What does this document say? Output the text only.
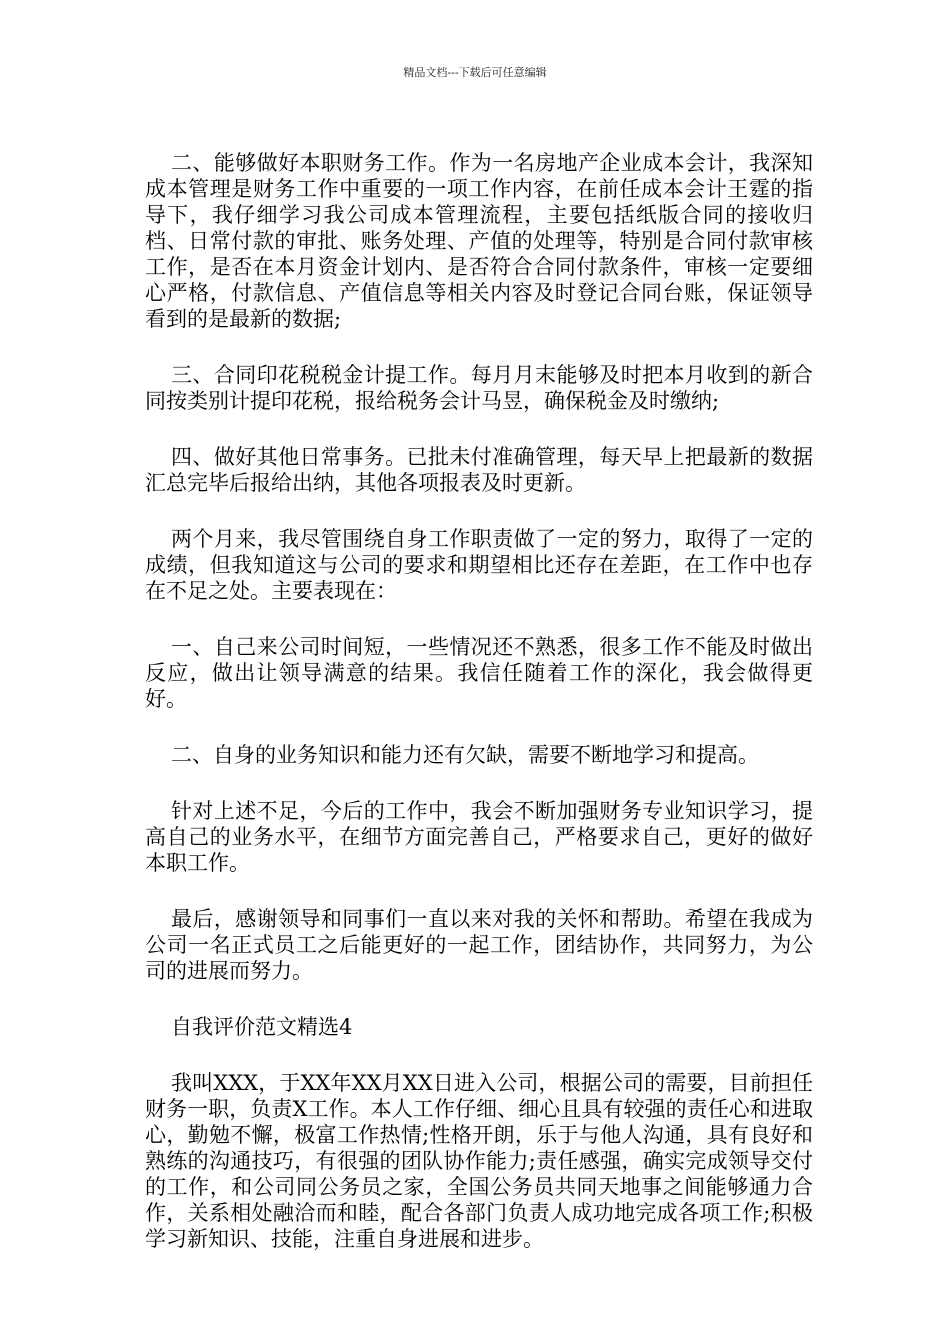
精品文档---下载后可任意编辑

二、能够做好本职财务工作。作为一名房地产企业成本会计，我深知成本管理是财务工作中重要的一项工作内容，在前任成本会计王霆的指导下，我仔细学习我公司成本管理流程，主要包括纸版合同的接收归档、日常付款的审批、账务处理、产值的处理等，特别是合同付款审核工作，是否在本月资金计划内、是否符合合同付款条件，审核一定要细心严格，付款信息、产值信息等相关内容及时登记合同台账，保证领导看到的是最新的数据;

三、合同印花税税金计提工作。每月月末能够及时把本月收到的新合同按类别计提印花税，报给税务会计马昱，确保税金及时缴纳;

四、做好其他日常事务。已批未付准确管理，每天早上把最新的数据汇总完毕后报给出纳，其他各项报表及时更新。

两个月来，我尽管围绕自身工作职责做了一定的努力，取得了一定的成绩，但我知道这与公司的要求和期望相比还存在差距，在工作中也存在不足之处。主要表现在：

一、自己来公司时间短，一些情况还不熟悉，很多工作不能及时做出反应，做出让领导满意的结果。我信任随着工作的深化，我会做得更好。

二、自身的业务知识和能力还有欠缺，需要不断地学习和提高。

针对上述不足，今后的工作中，我会不断加强财务专业知识学习，提高自己的业务水平，在细节方面完善自己，严格要求自己，更好的做好本职工作。

最后，感谢领导和同事们一直以来对我的关怀和帮助。希望在我成为公司一名正式员工之后能更好的一起工作，团结协作，共同努力，为公司的进展而努力。

自我评价范文精选4

我叫XXX，于XX年XX月XX日进入公司，根据公司的需要，目前担任财务一职，负责X工作。本人工作仔细、细心且具有较强的责任心和进取心，勤勉不懈，极富工作热情;性格开朗，乐于与他人沟通，具有良好和熟练的沟通技巧，有很强的团队协作能力;责任感强，确实完成领导交付的工作，和公司同公务员之家，全国公务员共同天地事之间能够通力合作，关系相处融洽而和睦，配合各部门负责人成功地完成各项工作;积极学习新知识、技能，注重自身进展和进步。
